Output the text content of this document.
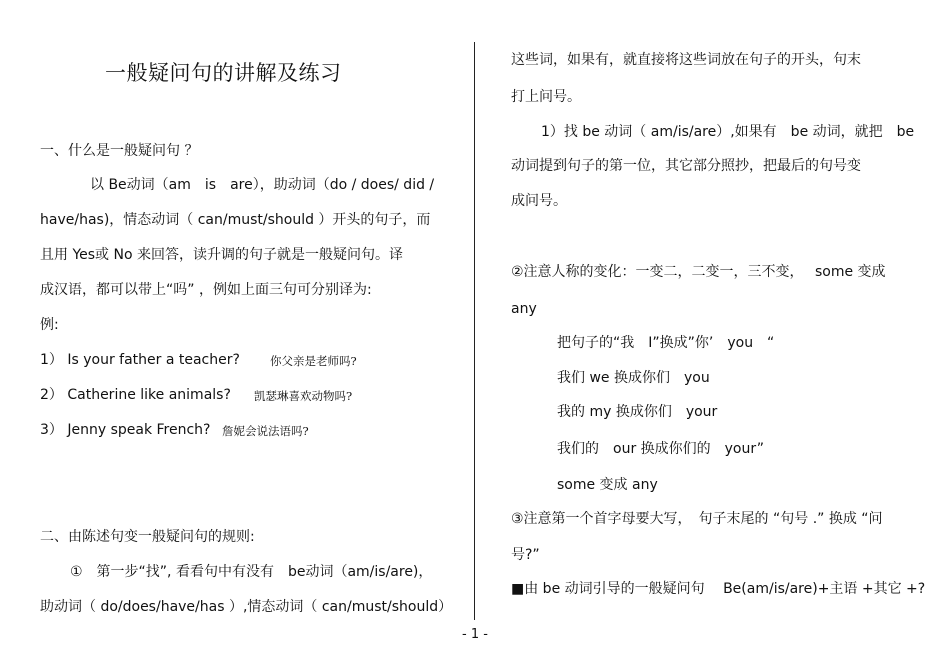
一般疑问句的讲解及练习
一、什么是一般疑问句 ？
以 Be动词（am　is　are），助动词（do / does/ did /
have/has)，情态动词（ can/must/should ）开头的句子，而
且用 Yes或 No 来回答，读升调的句子就是一般疑问句。译
成汉语，都可以带上“吗” ，例如上面三句可分别译为:
例:
1） Is your father a teacher?	你父亲是老师吗?
2） Catherine like animals? 凯瑟琳喜欢动物吗?
3） Jenny speak French? 詹妮会说法语吗?
二、由陈述句变一般疑问句的规则:
①　第一步“找”, 看看句中有没有　be动词（am/is/are)，
助动词（ do/does/have/has ）,情态动词（ can/must/should）
这些词，如果有，就直接将这些词放在句子的开头，句末
打上问号。
1）找 be 动词（ am/is/are）,如果有　be 动词，就把　be
动词提到句子的第一位，其它部分照抄，把最后的句号变
成问号。
②注意人称的变化：一变二，二变一，三不变，　 some 变成
any
把句子的“我　I”换成”你’　you　“
我们 we 换成你们　you
我的 my 换成你们　your
我们的　our 换成你们的　your”
some 变成 any
③注意第一个首字母要大写，　句子末尾的 “句号 .” 换成 “问
号?”
■由 be 动词引导的一般疑问句　 Be(am/is/are)+主语 +其它 +?
- 1 -
